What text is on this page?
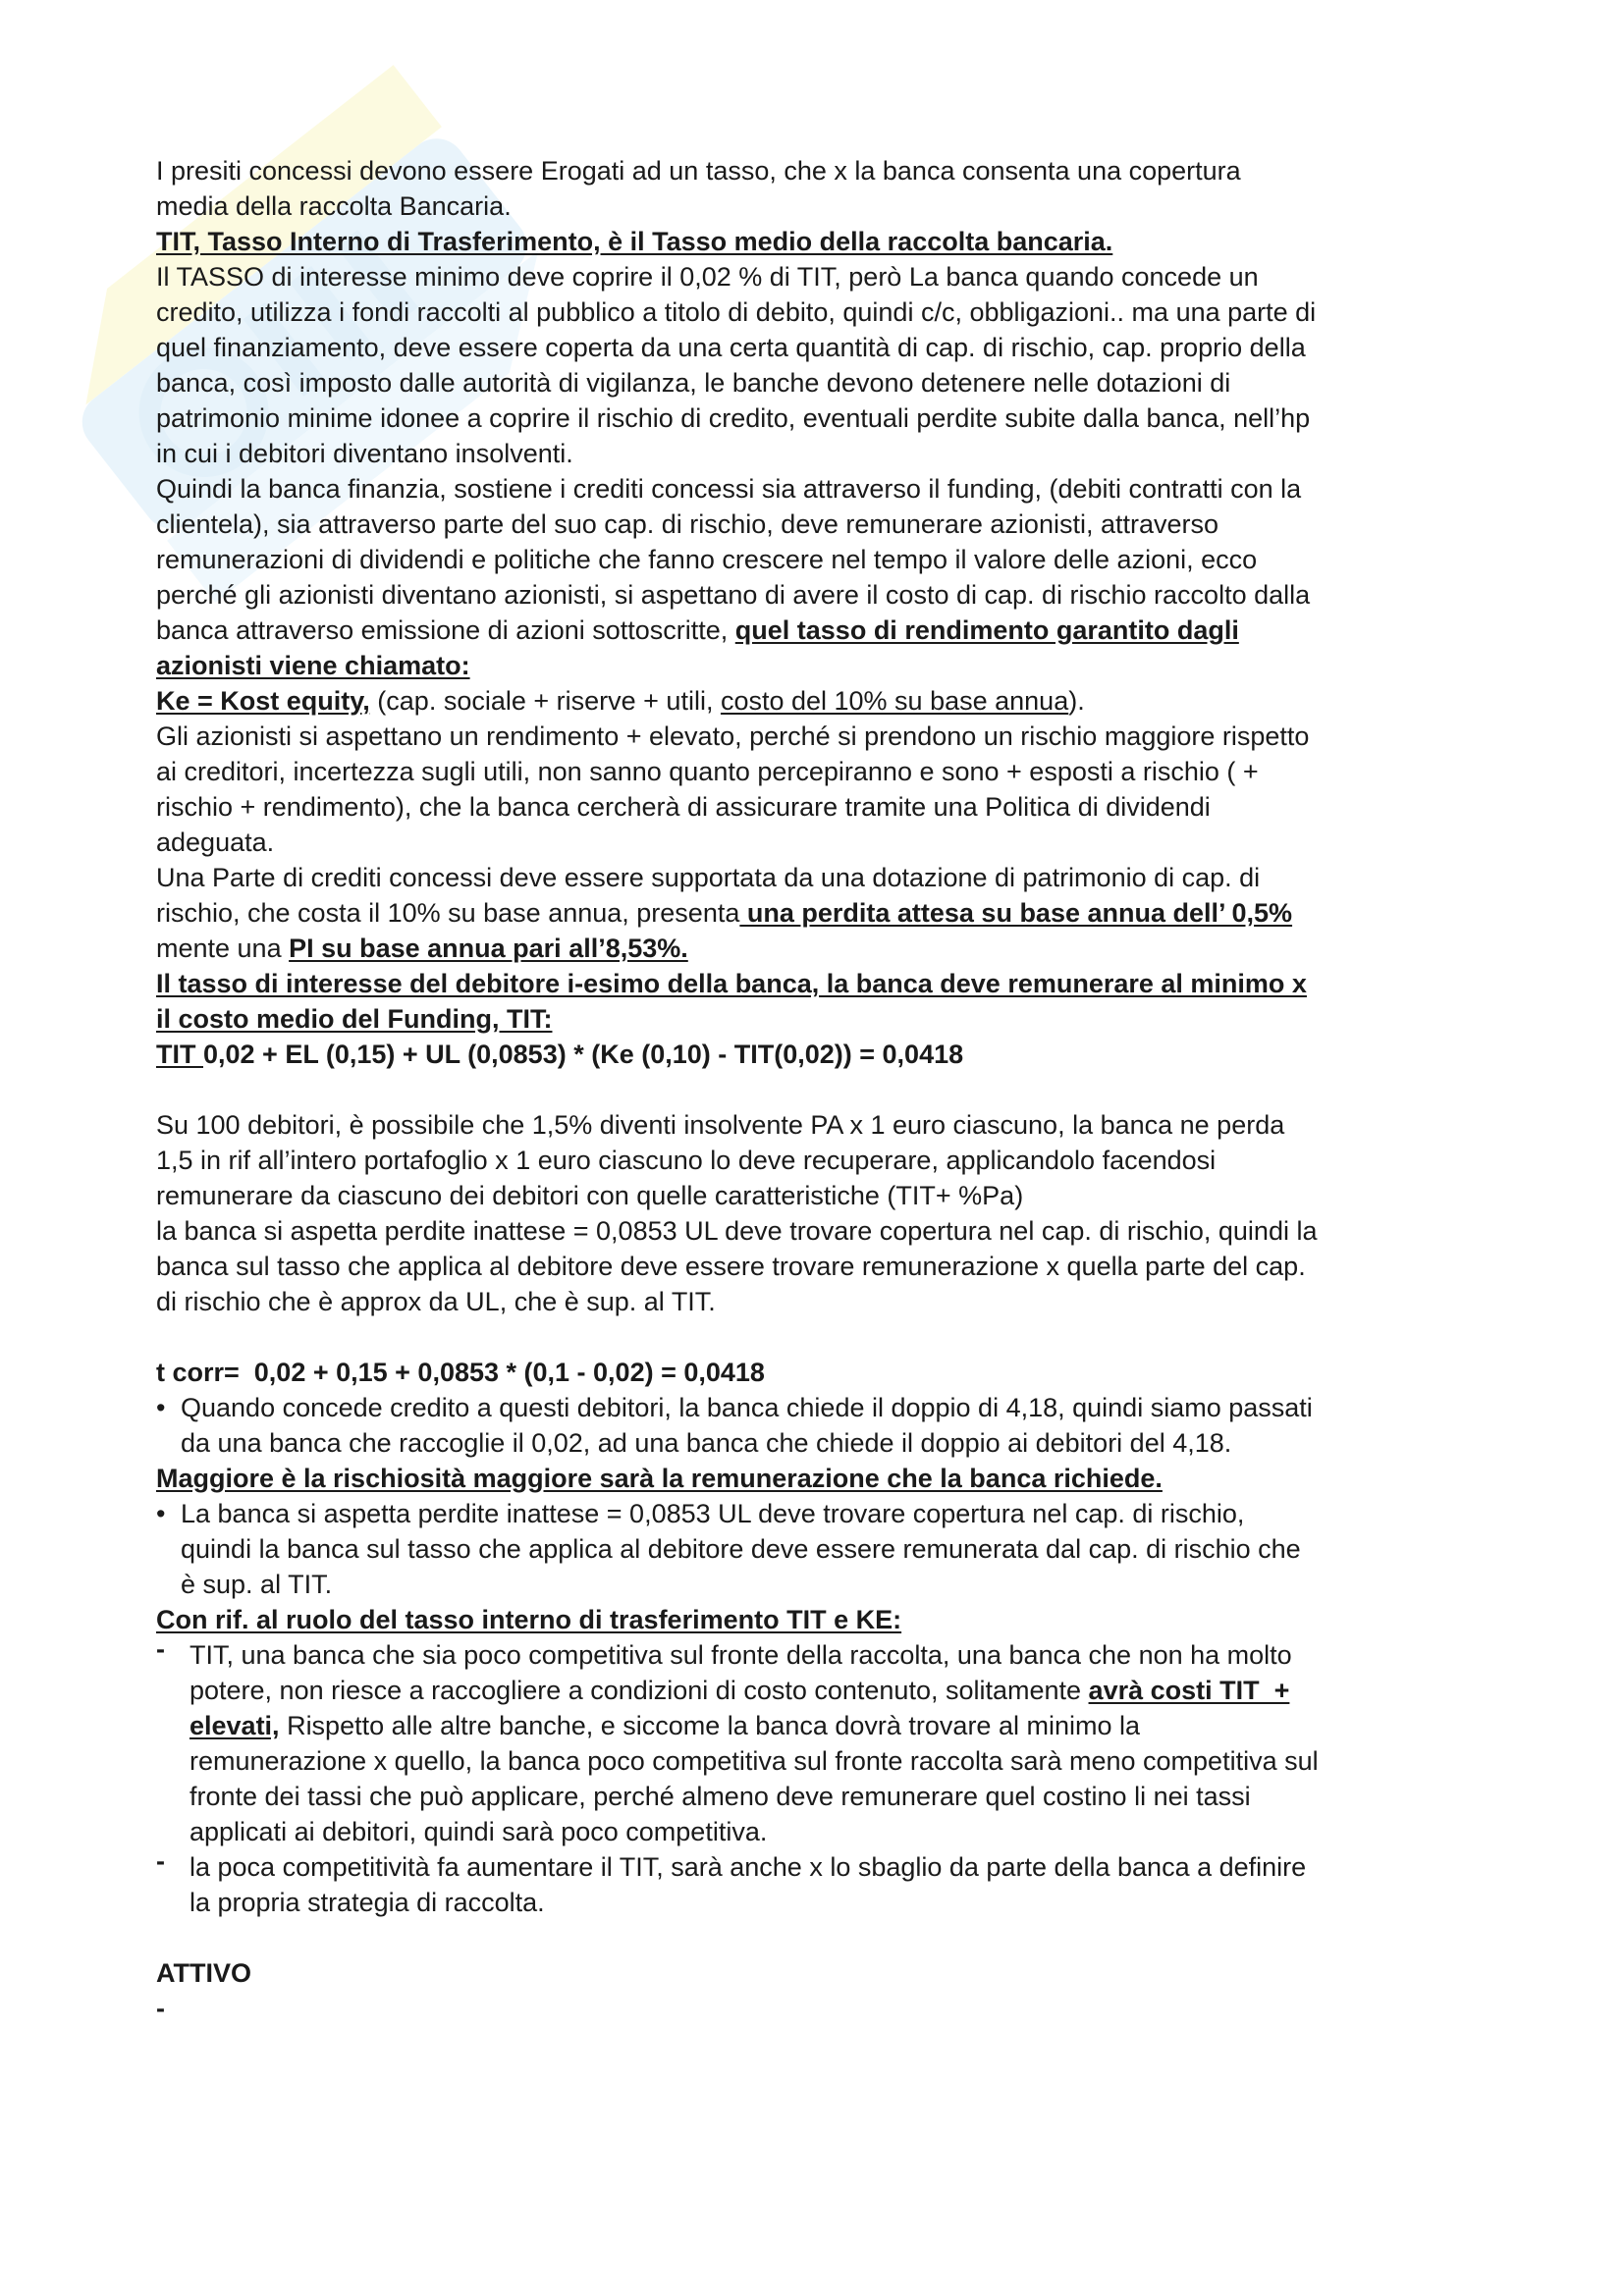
I presiti concessi devono essere Erogati ad un tasso, che x la banca consenta una copertura
media della raccolta Bancaria.
TIT, Tasso Interno di Trasferimento, è il Tasso medio della raccolta bancaria.
Il TASSO di interesse minimo deve coprire il 0,02 % di TIT, però La banca quando concede un
credito, utilizza i fondi raccolti al pubblico a titolo di debito, quindi c/c, obbligazioni.. ma una parte di
quel finanziamento, deve essere coperta da una certa quantità di cap. di rischio, cap. proprio della
banca, così imposto dalle autorità di vigilanza, le banche devono detenere nelle dotazioni di
patrimonio minime idonee a coprire il rischio di credito, eventuali perdite subite dalla banca, nell’hp
in cui i debitori diventano insolventi.
Quindi la banca finanzia, sostiene i crediti concessi sia attraverso il funding, (debiti contratti con la
clientela), sia attraverso parte del suo cap. di rischio, deve remunerare azionisti, attraverso
remunerazioni di dividendi e politiche che fanno crescere nel tempo il valore delle azioni, ecco
perché gli azionisti diventano azionisti, si aspettano di avere il costo di cap. di rischio raccolto dalla
banca attraverso emissione di azioni sottoscritte, quel tasso di rendimento garantito dagli
azionisti viene chiamato:
Ke = Kost equity, (cap. sociale + riserve + utili, costo del 10% su base annua).
Gli azionisti si aspettano un rendimento + elevato, perché si prendono un rischio maggiore rispetto
ai creditori, incertezza sugli utili, non sanno quanto percepiranno e sono + esposti a rischio ( +
rischio + rendimento), che la banca cercherà di assicurare tramite una Politica di dividendi
adeguata.
Una Parte di crediti concessi deve essere supportata da una dotazione di patrimonio di cap. di
rischio, che costa il 10% su base annua, presenta una perdita attesa su base annua dell’ 0,5%
mente una PI su base annua pari all’8,53%.
Il tasso di interesse del debitore i-esimo della banca, la banca deve remunerare al minimo x
il costo medio del Funding, TIT:
TIT 0,02 + EL (0,15) + UL (0,0853) * (Ke (0,10) - TIT(0,02)) = 0,0418
Su 100 debitori, è possibile che 1,5% diventi insolvente PA x 1 euro ciascuno, la banca ne perda
1,5 in rif all’intero portafoglio x 1 euro ciascuno lo deve recuperare, applicandolo facendosi
remunerare da ciascuno dei debitori con quelle caratteristiche (TIT+ %Pa)
la banca si aspetta perdite inattese = 0,0853 UL deve trovare copertura nel cap. di rischio, quindi la
banca sul tasso che applica al debitore deve essere trovare remunerazione x quella parte del cap.
di rischio che è approx da UL, che è sup. al TIT.
t corr=  0,02 + 0,15 + 0,0853 * (0,1 - 0,02) = 0,0418
• Quando concede credito a questi debitori, la banca chiede il doppio di 4,18, quindi siamo passati
da una banca che raccoglie il 0,02, ad una banca che chiede il doppio ai debitori del 4,18.
Maggiore è la rischiosità maggiore sarà la remunerazione che la banca richiede.
• La banca si aspetta perdite inattese = 0,0853 UL deve trovare copertura nel cap. di rischio,
quindi la banca sul tasso che applica al debitore deve essere remunerata dal cap. di rischio che
è sup. al TIT.
Con rif. al ruolo del tasso interno di trasferimento TIT e KE:
- TIT, una banca che sia poco competitiva sul fronte della raccolta, una banca che non ha molto
potere, non riesce a raccogliere a condizioni di costo contenuto, solitamente avrà costi TIT  +
elevati, Rispetto alle altre banche, e siccome la banca dovrà trovare al minimo la
remunerazione x quello, la banca poco competitiva sul fronte raccolta sarà meno competitiva sul
fronte dei tassi che può applicare, perché almeno deve remunerare quel costino li nei tassi
applicati ai debitori, quindi sarà poco competitiva.
- la poca competitività fa aumentare il TIT, sarà anche x lo sbaglio da parte della banca a definire
la propria strategia di raccolta.
ATTIVO
-
